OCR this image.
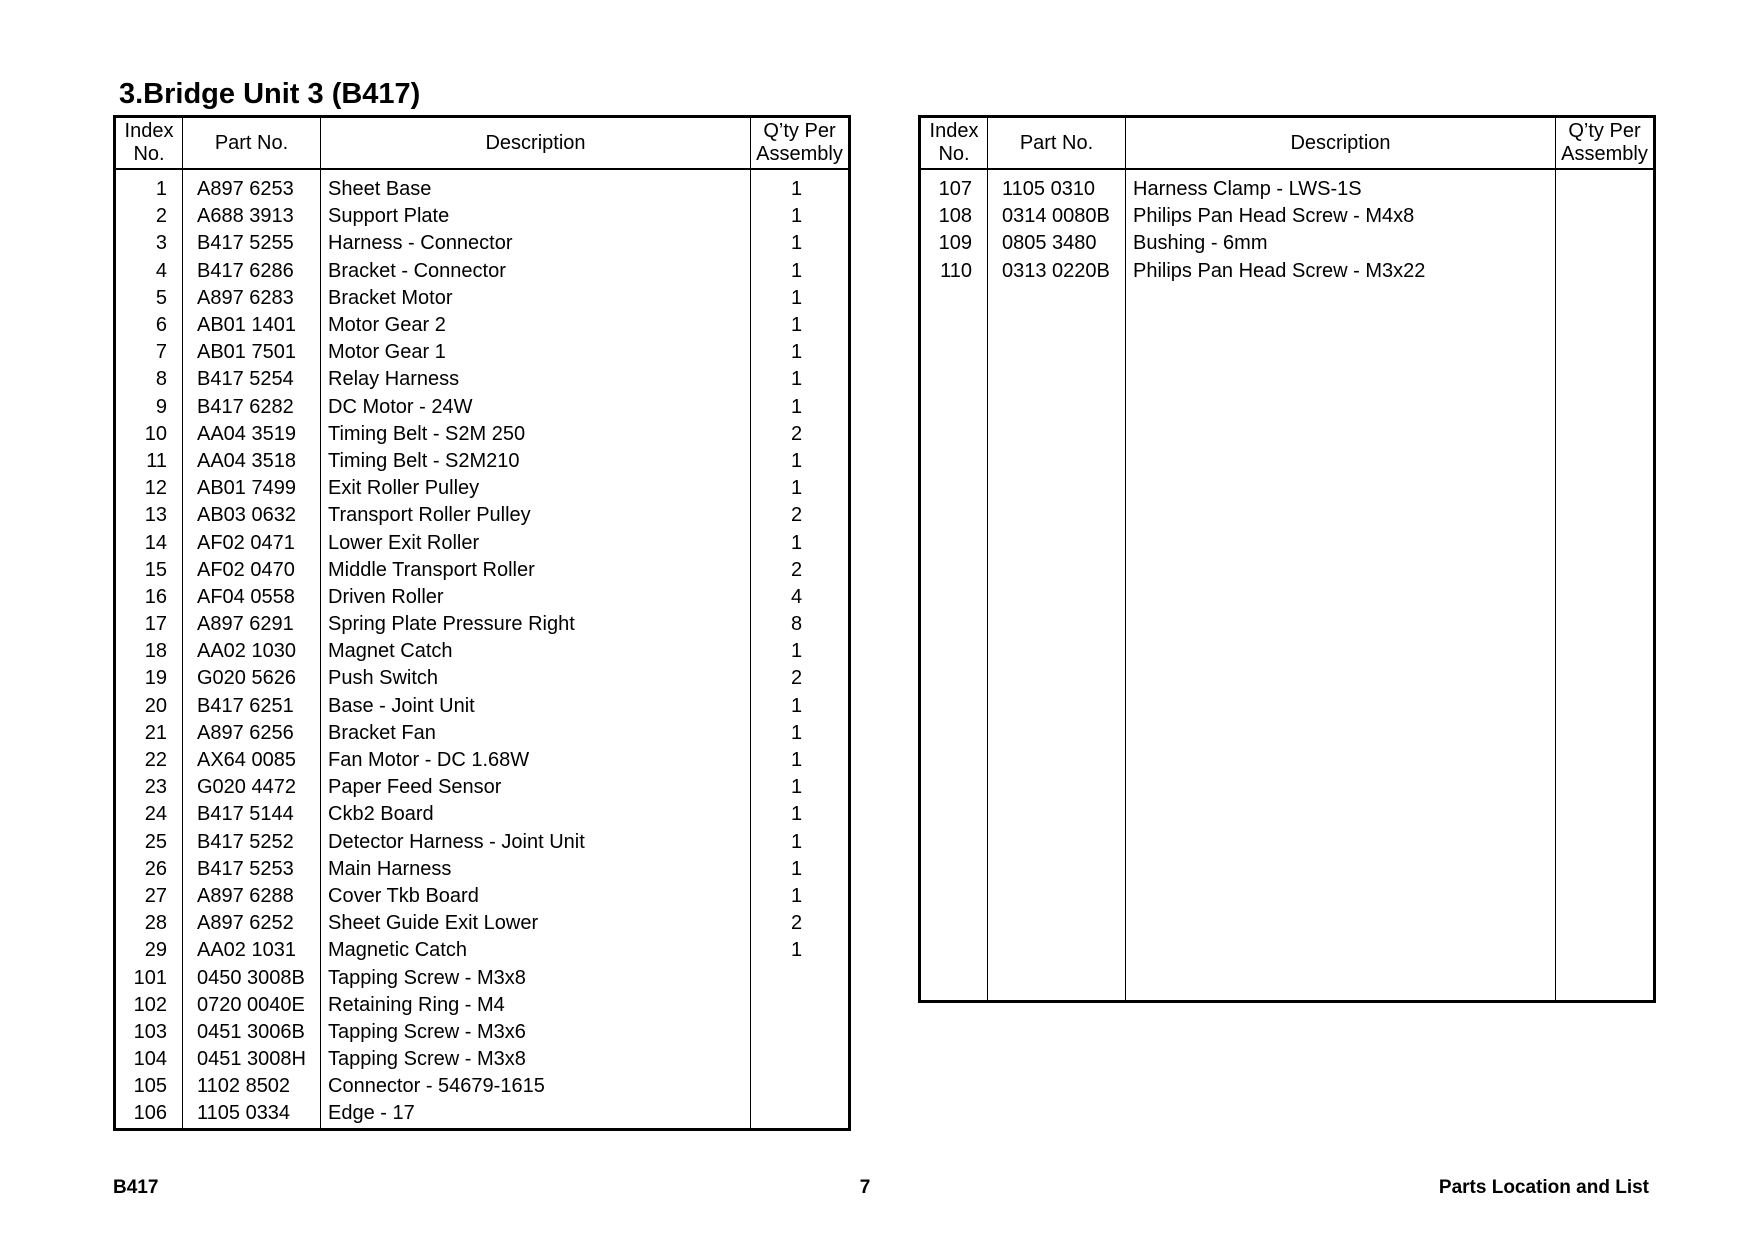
3.Bridge Unit 3 (B417)
Index
No.	Part No.	Description	Q’ty Per
Assembly
1	A897 6253	Sheet Base	1
2	A688 3913	Support Plate	1
3	B417 5255	Harness - Connector	1
4	B417 6286	Bracket - Connector	1
5	A897 6283	Bracket Motor	1
6	AB01 1401	Motor Gear 2	1
7	AB01 7501	Motor Gear 1	1
8	B417 5254	Relay Harness	1
9	B417 6282	DC Motor - 24W	1
10	AA04 3519	Timing Belt - S2M 250	2
11	AA04 3518	Timing Belt - S2M210	1
12	AB01 7499	Exit Roller Pulley	1
13	AB03 0632	Transport Roller Pulley	2
14	AF02 0471	Lower Exit Roller	1
15	AF02 0470	Middle Transport Roller	2
16	AF04 0558	Driven Roller	4
17	A897 6291	Spring Plate Pressure Right	8
18	AA02 1030	Magnet Catch	1
19	G020 5626	Push Switch	2
20	B417 6251	Base - Joint Unit	1
21	A897 6256	Bracket Fan	1
22	AX64 0085	Fan Motor - DC 1.68W	1
23	G020 4472	Paper Feed Sensor	1
24	B417 5144	Ckb2 Board	1
25	B417 5252	Detector Harness - Joint Unit	1
26	B417 5253	Main Harness	1
27	A897 6288	Cover Tkb Board	1
28	A897 6252	Sheet Guide Exit Lower	2
29	AA02 1031	Magnetic Catch	1
101	0450 3008B	Tapping Screw - M3x8	
102	0720 0040E	Retaining Ring - M4	
103	0451 3006B	Tapping Screw - M3x6	
104	0451 3008H	Tapping Screw - M3x8	
105	1102 8502	Connector - 54679-1615	
106	1105 0334	Edge - 17	

Index
No.	Part No.	Description	Q’ty Per
Assembly
107	1105 0310	Harness Clamp - LWS-1S	
108	0314 0080B	Philips Pan Head Screw - M4x8	
109	0805 3480	Bushing - 6mm	
110	0313 0220B	Philips Pan Head Screw - M3x22	

B417	7	Parts Location and List
